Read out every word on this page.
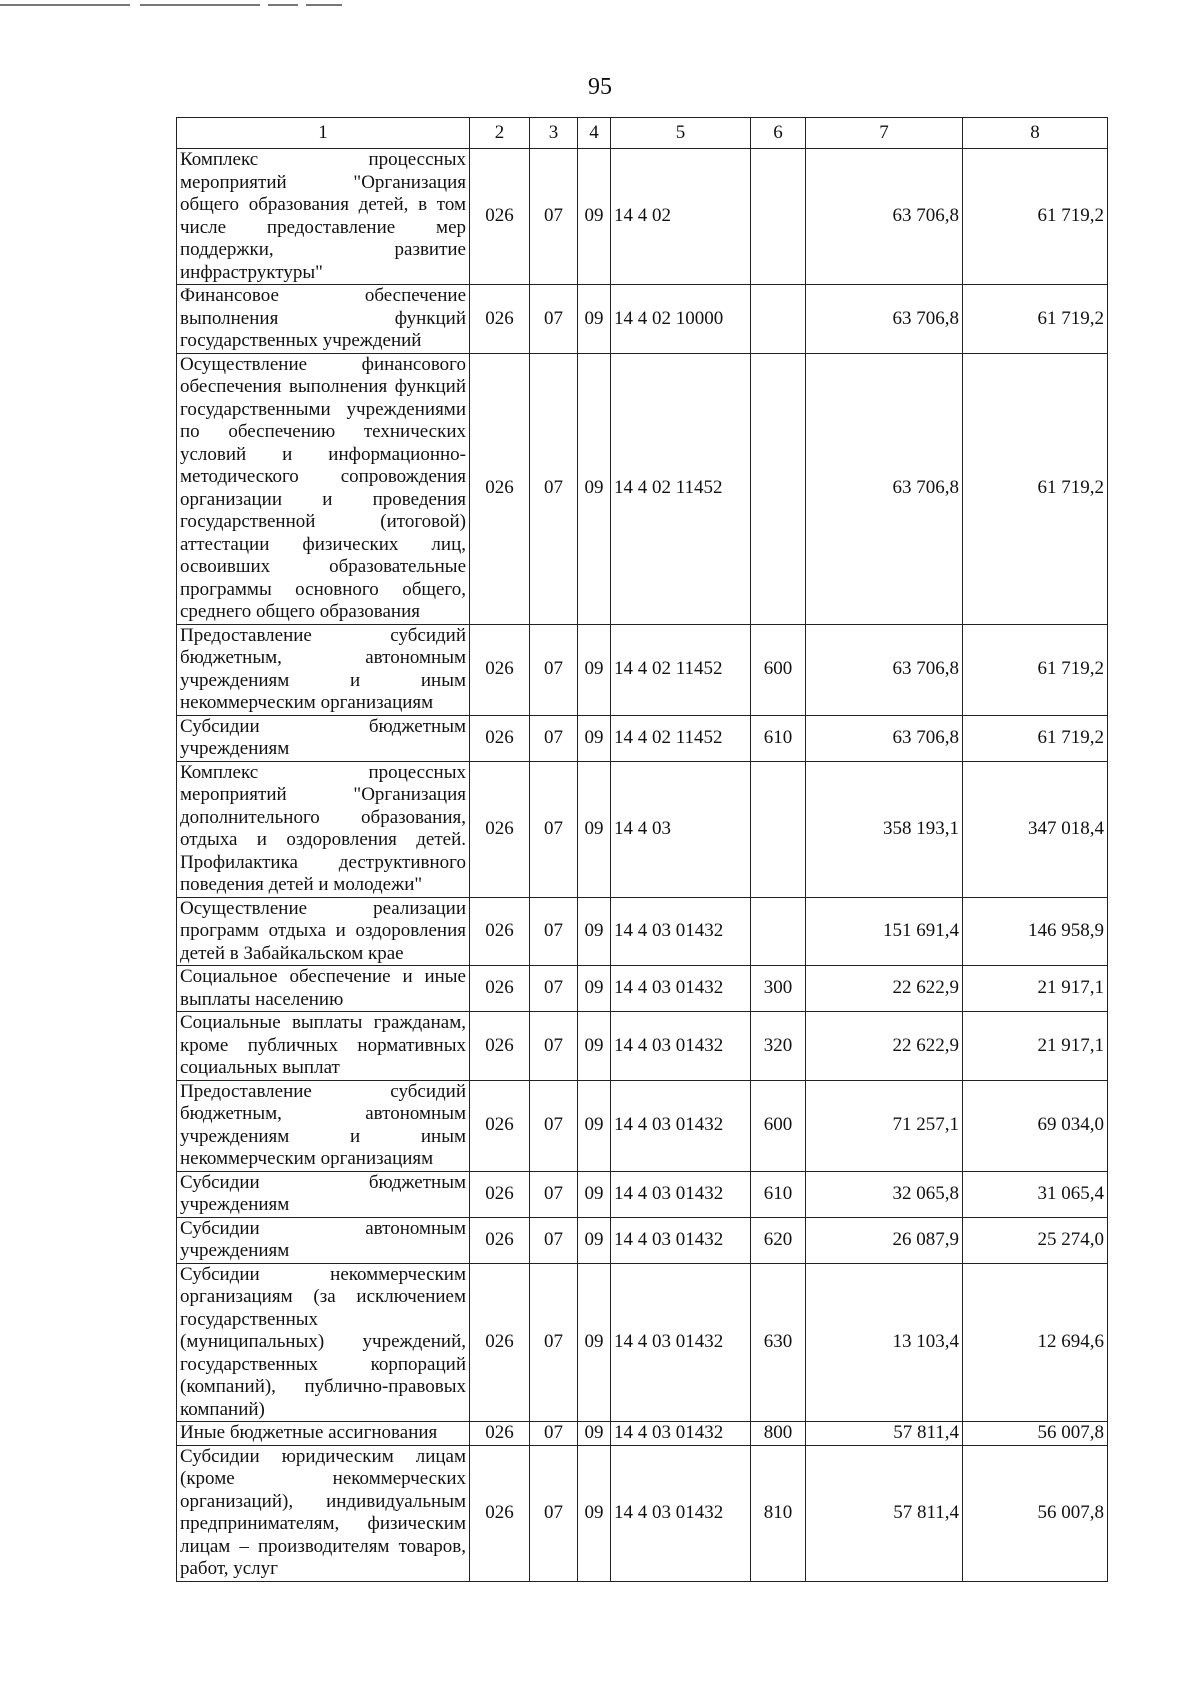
95
1	2	3	4	5	6	7	8
Комплекс процессных мероприятий "Организация общего образования детей, в том числе предоставление мер поддержки, развитие инфраструктуры"	026	07	09	14 4 02		63 706,8	61 719,2
Финансовое обеспечение выполнения функций государственных учреждений	026	07	09	14 4 02 10000		63 706,8	61 719,2
Осуществление финансового обеспечения выполнения функций государственными учреждениями по обеспечению технических условий и информационно-методического сопровождения организации и проведения государственной (итоговой) аттестации физических лиц, освоивших образовательные программы основного общего, среднего общего образования	026	07	09	14 4 02 11452		63 706,8	61 719,2
Предоставление субсидий бюджетным, автономным учреждениям и иным некоммерческим организациям	026	07	09	14 4 02 11452	600	63 706,8	61 719,2
Субсидии бюджетным учреждениям	026	07	09	14 4 02 11452	610	63 706,8	61 719,2
Комплекс процессных мероприятий "Организация дополнительного образования, отдыха и оздоровления детей. Профилактика деструктивного поведения детей и молодежи"	026	07	09	14 4 03		358 193,1	347 018,4
Осуществление реализации программ отдыха и оздоровления детей в Забайкальском крае	026	07	09	14 4 03 01432		151 691,4	146 958,9
Социальное обеспечение и иные выплаты населению	026	07	09	14 4 03 01432	300	22 622,9	21 917,1
Социальные выплаты гражданам, кроме публичных нормативных социальных выплат	026	07	09	14 4 03 01432	320	22 622,9	21 917,1
Предоставление субсидий бюджетным, автономным учреждениям и иным некоммерческим организациям	026	07	09	14 4 03 01432	600	71 257,1	69 034,0
Субсидии бюджетным учреждениям	026	07	09	14 4 03 01432	610	32 065,8	31 065,4
Субсидии автономным учреждениям	026	07	09	14 4 03 01432	620	26 087,9	25 274,0
Субсидии некоммерческим организациям (за исключением государственных (муниципальных) учреждений, государственных корпораций (компаний), публично-правовых компаний)	026	07	09	14 4 03 01432	630	13 103,4	12 694,6
Иные бюджетные ассигнования	026	07	09	14 4 03 01432	800	57 811,4	56 007,8
Субсидии юридическим лицам (кроме некоммерческих организаций), индивидуальным предпринимателям, физическим лицам – производителям товаров, работ, услуг	026	07	09	14 4 03 01432	810	57 811,4	56 007,8
